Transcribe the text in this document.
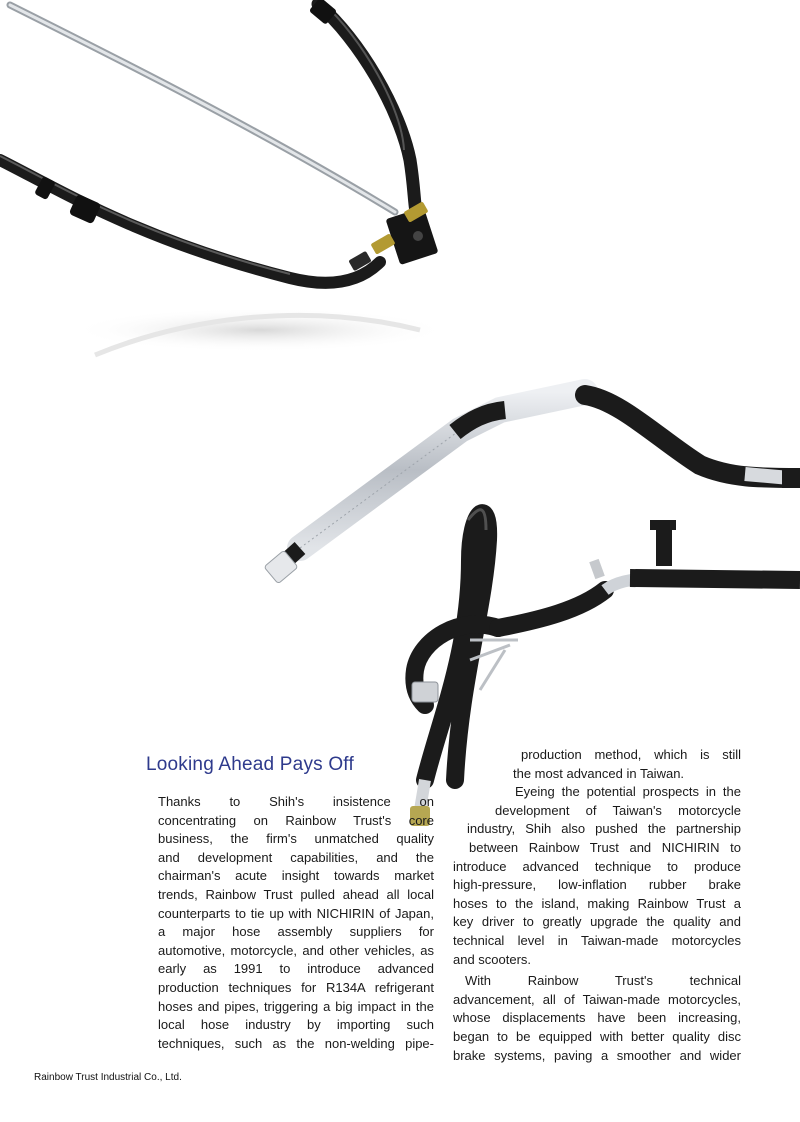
Looking Ahead Pays Off

Thanks to Shih's insistence on
concentrating on Rainbow Trust's core
business, the firm's unmatched quality
and development capabilities, and the
chairman's acute insight towards market
trends, Rainbow Trust pulled ahead all local
counterparts to tie up with NICHIRIN of Japan,
a major hose assembly suppliers for
automotive, motorcycle, and other vehicles, as
early as 1991 to introduce advanced
production techniques for R134A refrigerant
hoses and pipes, triggering a big impact in the
local hose industry by importing such
techniques, such as the non-welding pipe-

production method, which is still
the most advanced in Taiwan.
Eyeing the potential prospects in the
development of Taiwan's motorcycle
industry, Shih also pushed the partnership
between Rainbow Trust and NICHIRIN to
introduce advanced technique to produce
high-pressure, low-inflation rubber brake
hoses to the island, making Rainbow Trust a
key driver to greatly upgrade the quality and
technical level in Taiwan-made motorcycles
and scooters.
With Rainbow Trust's technical
advancement, all of Taiwan-made motorcycles,
whose displacements have been increasing,
began to be equipped with better quality disc
brake systems, paving a smoother and wider

Rainbow Trust Industrial Co., Ltd.
